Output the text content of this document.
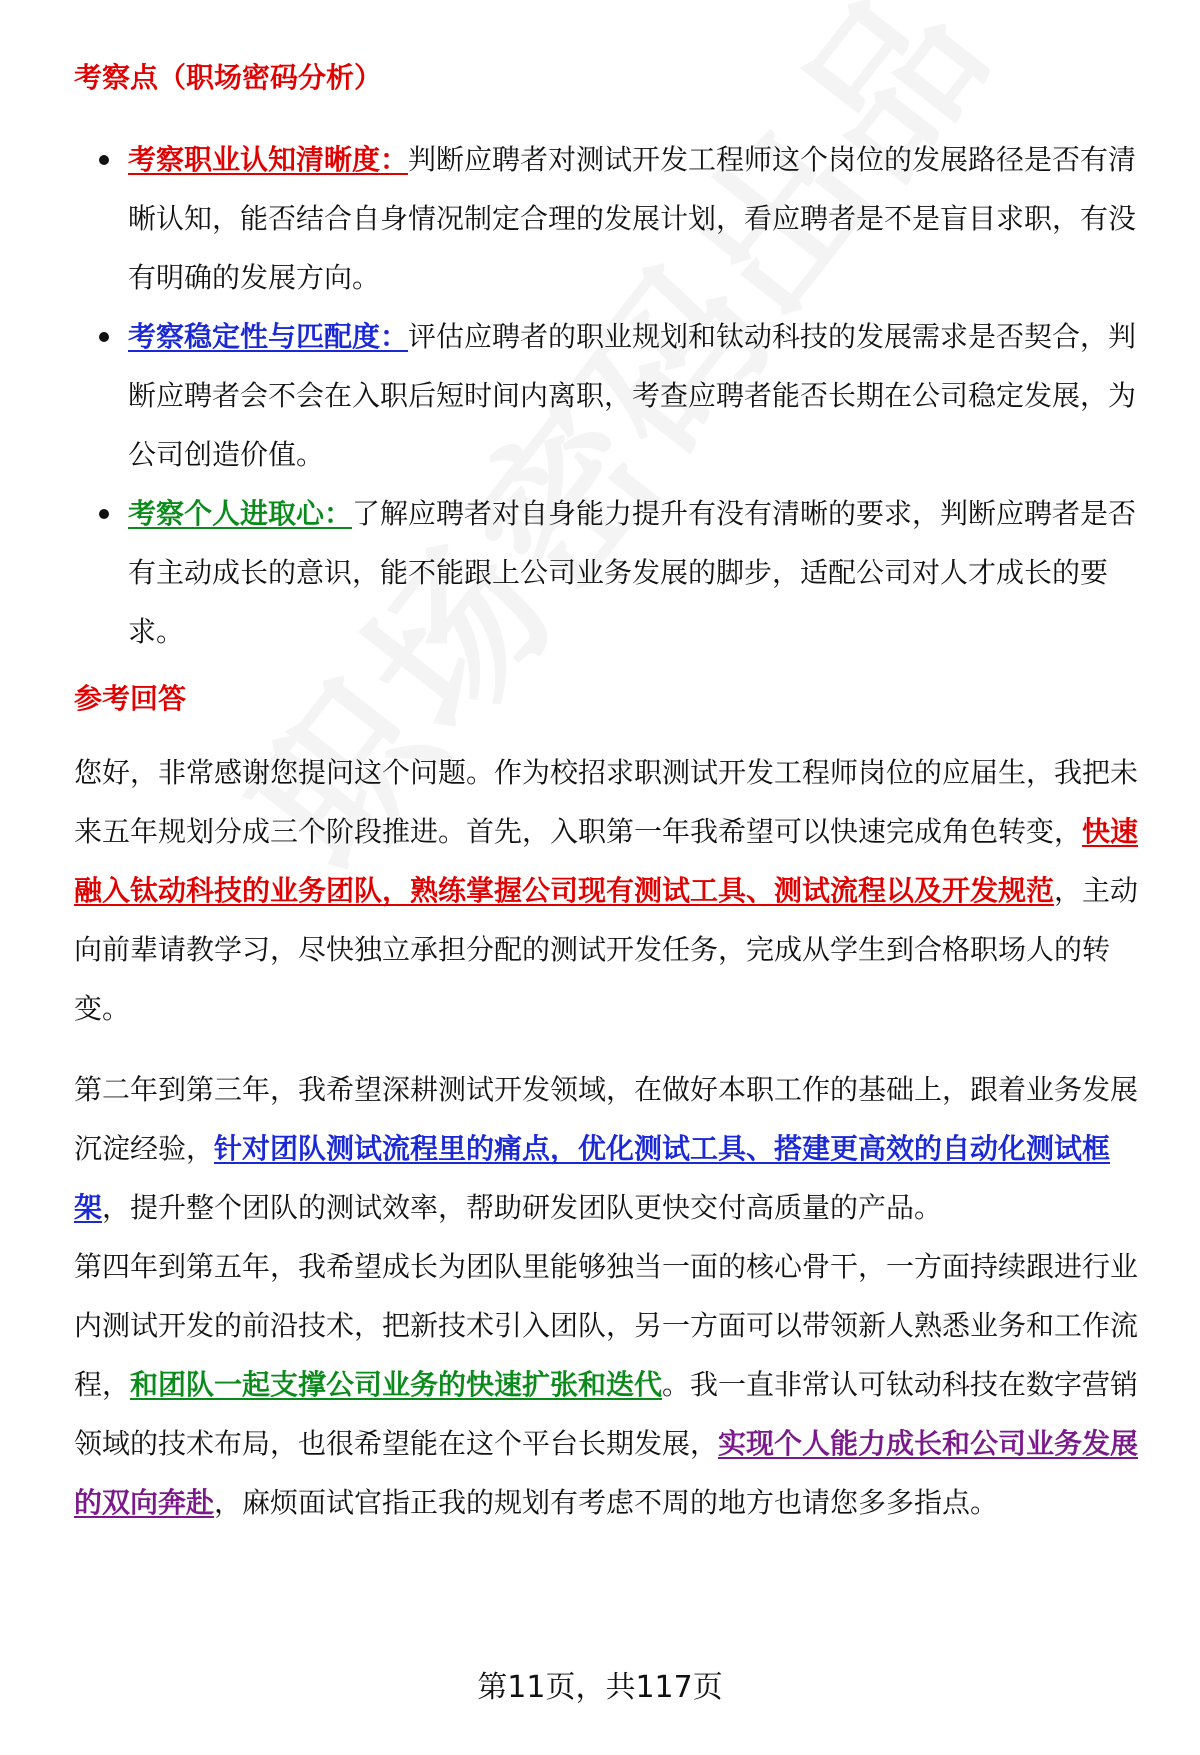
考察点（职场密码分析）

考察职业认知清晰度：判断应聘者对测试开发工程师这个岗位的发展路径是否有清晰认知，能否结合自身情况制定合理的发展计划，看应聘者是不是盲目求职，有没有明确的发展方向。
考察稳定性与匹配度：评估应聘者的职业规划和钛动科技的发展需求是否契合，判断应聘者会不会在入职后短时间内离职，考查应聘者能否长期在公司稳定发展，为公司创造价值。
考察个人进取心：了解应聘者对自身能力提升有没有清晰的要求，判断应聘者是否有主动成长的意识，能不能跟上公司业务发展的脚步，适配公司对人才成长的要求。

参考回答

您好，非常感谢您提问这个问题。作为校招求职测试开发工程师岗位的应届生，我把未来五年规划分成三个阶段推进。首先，入职第一年我希望可以快速完成角色转变，快速融入钛动科技的业务团队，熟练掌握公司现有测试工具、测试流程以及开发规范，主动向前辈请教学习，尽快独立承担分配的测试开发任务，完成从学生到合格职场人的转变。

第二年到第三年，我希望深耕测试开发领域，在做好本职工作的基础上，跟着业务发展沉淀经验，针对团队测试流程里的痛点，优化测试工具、搭建更高效的自动化测试框架，提升整个团队的测试效率，帮助研发团队更快交付高质量的产品。

第四年到第五年，我希望成长为团队里能够独当一面的核心骨干，一方面持续跟进行业内测试开发的前沿技术，把新技术引入团队，另一方面可以带领新人熟悉业务和工作流程，和团队一起支撑公司业务的快速扩张和迭代。我一直非常认可钛动科技在数字营销领域的技术布局，也很希望能在这个平台长期发展，实现个人能力成长和公司业务发展的双向奔赴，麻烦面试官指正我的规划有考虑不周的地方也请您多多指点。

第11页，共117页
